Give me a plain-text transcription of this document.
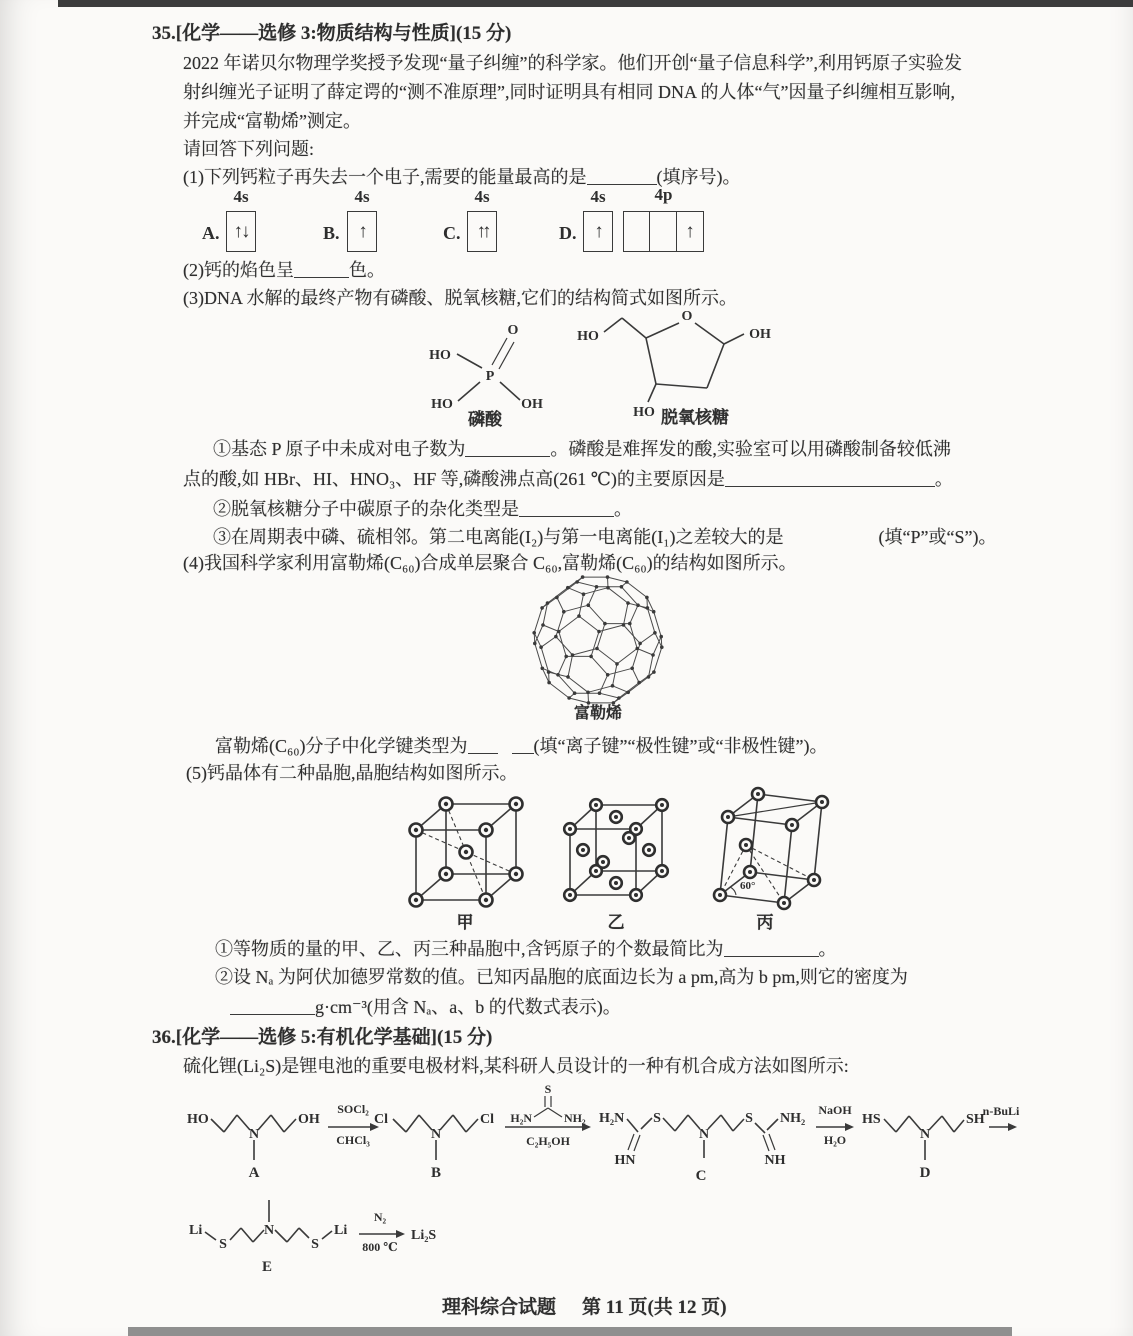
35.[化学——选修 3:物质结构与性质](15 分)
2022 年诺贝尔物理学奖授予发现“量子纠缠”的科学家。他们开创“量子信息科学”,利用钙原子实验发
射纠缠光子证明了薛定谔的“测不准原理”,同时证明具有相同 DNA 的人体“气”因量子纠缠相互影响,
并完成“富勒烯”测定。
请回答下列问题:
(1)下列钙粒子再失去一个电子,需要的能量最高的是	(填序号)。
4s	4s	4s	4s	4p
A. ↑↓	B. ↑	C. ↑↑	D. ↑	↑
(2)钙的焰色呈	色。
(3)DNA 水解的最终产物有磷酸、脱氧核糖,它们的结构简式如图所示。
HO
O
P
HO	OH
磷酸
O
OH
HO
HO 脱氧核糖
①基态 P 原子中未成对电子数为	。磷酸是难挥发的酸,实验室可以用磷酸制备较低沸
点的酸,如 HBr、HI、HNO₃、HF 等,磷酸沸点高(261 ℃)的主要原因是	。
②脱氧核糖分子中碳原子的杂化类型是	。
③在周期表中磷、硫相邻。第二电离能(I₂)与第一电离能(I₁)之差较大的是	(填“P”或“S”)。
(4)我国科学家利用富勒烯(C₆₀)合成单层聚合 C₆₀,富勒烯(C₆₀)的结构如图所示。
富勒烯
富勒烯(C₆₀)分子中化学键类型为	(填“离子键”“极性键”或“非极性键”)。
(5)钙晶体有二种晶胞,晶胞结构如图所示。
60°
甲	乙	丙
①等物质的量的甲、乙、丙三种晶胞中,含钙原子的个数最简比为	。
②设 Nₐ 为阿伏加德罗常数的值。已知丙晶胞的底面边长为 a pm,高为 b pm,则它的密度为
g·cm⁻³(用含 Nₐ、a、b 的代数式表示)。
36.[化学——选修 5:有机化学基础](15 分)
硫化锂(Li₂S)是锂电池的重要电极材料,某科研人员设计的一种有机合成方法如图所示:
HO
N
OH
A
SOCl₂
CHCl₃
Cl
N
Cl
B
S
H₂N	NH₂
C₂H₅OH
H₂N
HN
S
N
S
NH
NH₂
C
NaOH
H₂O
HS
N
SH
D
n-BuLi
Li
S
N
S
Li
E
N₂
800 ℃
Li₂S
理科综合试题 第 11 页(共 12 页)
